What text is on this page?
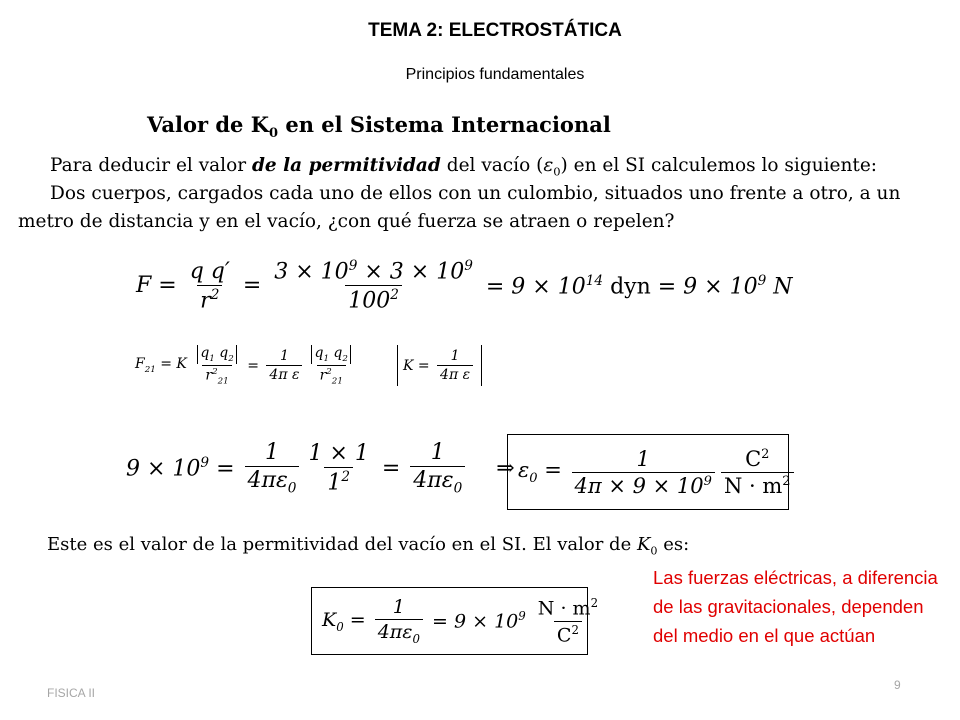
TEMA 2: ELECTROSTÁTICA
Principios fundamentales
Valor de $K_0$ en el Sistema Internacional
Para deducir el valor de la permitividad del vacío $(\varepsilon_0)$ en el SI calculemos lo siguiente:
Dos cuerpos, cargados cada uno de ellos con un culombio, situados uno frente a otro, a un metro de distancia y en el vacío, ¿con qué fuerza se atraen o repelen?
$F = \frac{\text{q q′}}{r^2} = \frac{3 \times 10^9 \times 3 \times 10^9}{100^2} = 9 \times 10^{14}$ dyn = $9 \times 10^9$ N
$F_{21} = K \frac{q_1 q_2}{r^2_{21}} = \frac{1}{\text{4π ε}} \frac{q_1 q_2}{r^2_{21}}$	$K = \frac{1}{\text{4π ε}}$
$9 \times 10^9 = \frac{1}{4\pi\varepsilon_0} \frac{1 \times 1}{1^2} = \frac{1}{4\pi\varepsilon_0}$ ⇒ $\varepsilon_0 = \frac{1}{4\pi \times 9 \times 10^9} \frac{C^2}{N \cdot m^2}$
Este es el valor de la permitividad del vacío en el SI. El valor de $K_0$ es:
$K_0 = \frac{1}{4\pi\varepsilon_0} = 9 \times 10^9 \frac{N \cdot m^2}{C^2}$
Las fuerzas eléctricas, a diferencia de las gravitacionales, dependen del medio en el que actúan
FISICA II
9
